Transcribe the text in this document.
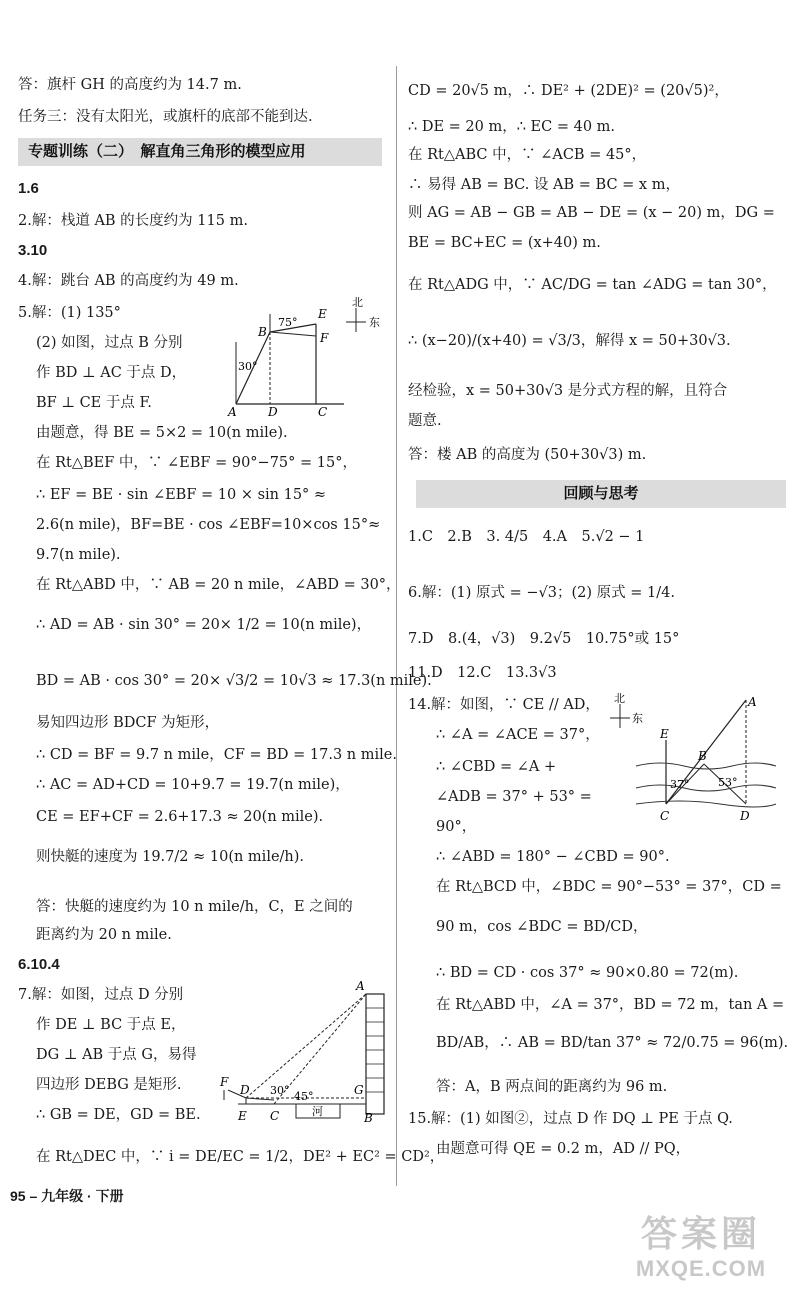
答：旗杆 GH 的高度约为 14.7 m.
任务三：没有太阳光，或旗杆的底部不能到达.
专题训练（二）　解直角三角形的模型应用
1.6
2.解：栈道 AB 的长度约为 115 m.
3.10
4.解：跳台 AB 的高度约为 49 m.
5.解：(1) 135°
(2) 如图，过点 B 分别
作 BD ⊥ AC 于点 D，
BF ⊥ CE 于点 F.
由题意，得 BE = 5×2 = 10(n mile).
在 Rt△BEF 中，∵ ∠EBF = 90°−75° = 15°，
∴ EF = BE · sin ∠EBF = 10 × sin 15° ≈
2.6(n mile)，BF=BE · cos ∠EBF=10×cos 15°≈
9.7(n mile).
在 Rt△ABD 中，∵ AB = 20 n mile，∠ABD = 30°，
∴ AD = AB · sin 30° = 20× 1/2 = 10(n mile)，
BD = AB · cos 30° = 20× √3/2 = 10√3 ≈ 17.3(n mile).
易知四边形 BDCF 为矩形，
∴ CD = BF = 9.7 n mile，CF = BD = 17.3 n mile.
∴ AC = AD+CD = 10+9.7 = 19.7(n mile)，
CE = EF+CF = 2.6+17.3 ≈ 20(n mile).
则快艇的速度为 19.7/2 ≈ 10(n mile/h).
答：快艇的速度约为 10 n mile/h，C，E 之间的
距离约为 20 n mile.
6.10.4
7.解：如图，过点 D 分别
作 DE ⊥ BC 于点 E，
DG ⊥ AB 于点 G，易得
四边形 DEBG 是矩形.
∴ GB = DE，GD = BE.
在 Rt△DEC 中，∵ i = DE/EC = 1/2，DE² + EC² = CD²，
北
东
B
75°
E
F
30°
A	D	C
A
F
D 30°	G
45°
E C	河	B
CD = 20√5 m，∴ DE² + (2DE)² = (20√5)²，
∴ DE = 20 m，∴ EC = 40 m.
在 Rt△ABC 中，∵ ∠ACB = 45°，
∴ 易得 AB = BC. 设 AB = BC = x m，
则 AG = AB − GB = AB − DE = (x − 20) m，DG =
BE = BC+EC = (x+40) m.
在 Rt△ADG 中，∵ AC/DG = tan ∠ADG = tan 30°，
∴ (x−20)/(x+40) = √3/3，解得 x = 50+30√3.
经检验，x = 50+30√3 是分式方程的解，且符合
题意.
答：楼 AB 的高度为 (50+30√3) m.
回顾与思考
1.C　2.B　3. 4/5　4.A　5.√2 − 1
6.解：(1) 原式 = −√3；(2) 原式 = 1/4.
7.D　8.(4，√3)　9.2√5　10.75°或 15°
11.D　12.C　13.3√3
14.解：如图，∵ CE // AD，
∴ ∠A = ∠ACE = 37°，
∴ ∠CBD = ∠A +
∠ADB = 37° + 53° =
90°，
∴ ∠ABD = 180° − ∠CBD = 90°.
在 Rt△BCD 中，∠BDC = 90°−53° = 37°，CD =
90 m，cos ∠BDC = BD/CD，
∴ BD = CD · cos 37° ≈ 90×0.80 = 72(m).
在 Rt△ABD 中，∠A = 37°，BD = 72 m，tan A =
BD/AB，∴ AB = BD/tan 37° ≈ 72/0.75 = 96(m).
答：A，B 两点间的距离约为 96 m.
15.解：(1) 如图②，过点 D 作 DQ ⊥ PE 于点 Q.
由题意可得 QE = 0.2 m，AD // PQ，
北
东
A
E
37°	53°
B
C	D
95 – 九年级 · 下册
答案圈
MXQE.COM
